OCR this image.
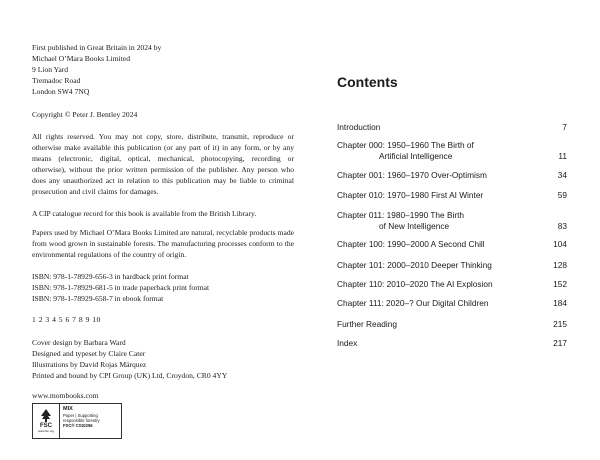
First published in Great Britain in 2024 by

Michael O’Mara Books Limited

9 Lion Yard

Tremadoc Road

London SW4 7NQ

Copyright © Peter J. Bentley 2024
All rights reserved. You may not copy, store, distribute, transmit, reproduce or otherwise make available this publication (or any part of it) in any form, or by any means (electronic, digital, optical, mechanical, photocopying, recording or otherwise), without the prior written permission of the publisher. Any person who does any unauthorized act in relation to this publication may be liable to criminal prosecution and civil claims for damages.
A CIP catalogue record for this book is available from the British Library.
Papers used by Michael O’Mara Books Limited are natural, recyclable products made from wood grown in sustainable forests. The manufacturing processes conform to the environmental regulations of the country of origin.

ISBN: 978-1-78929-656-3 in hardback print format

ISBN: 978-1-78929-681-5 in trade paperback print format

ISBN: 978-1-78929-658-7 in ebook format

1 2 3 4 5 6 7 8 9 10

Cover design by Barbara Ward

Designed and typeset by Claire Cater

Illustrations by David Rojas Márquez

Printed and bound by CPI Group (UK) Ltd, Croydon, CR0 4YY

www.mombooks.com
FSC
www.fsc.org
MIX
Paper | Supporting
responsible forestry
FSC® C010256
Contents
Introduction	7
Chapter 000: 1950–1960 The Birth of
Artificial Intelligence	11
Chapter 001: 1960–1970 Over-Optimism	34
Chapter 010: 1970–1980 First AI Winter	59
Chapter 011: 1980–1990 The Birth
of New Intelligence	83
Chapter 100: 1990–2000 A Second Chill	104
Chapter 101: 2000–2010 Deeper Thinking	128
Chapter 110: 2010–2020 The AI Explosion	152
Chapter 111: 2020–? Our Digital Children	184
Further Reading	215
Index	217
